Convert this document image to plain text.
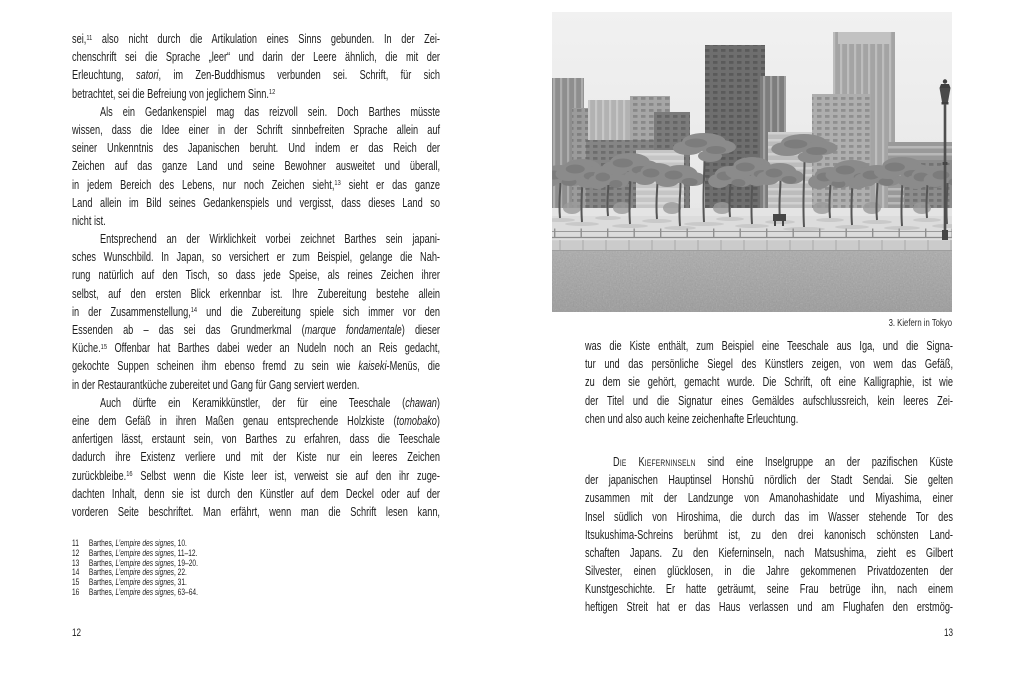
sei,$^{11}$ also nicht durch die Artikulation eines Sinns gebunden. In der Zei-
chenschrift sei die Sprache „leer“ und darin der Leere ähnlich, die mit der
Erleuchtung, satori, im Zen-Buddhismus verbunden sei. Schrift, für sich
betrachtet, sei die Befreiung von jeglichem Sinn.$^{12}$
Als ein Gedankenspiel mag das reizvoll sein. Doch Barthes müsste
wissen, dass die Idee einer in der Schrift sinnbefreiten Sprache allein auf
seiner Unkenntnis des Japanischen beruht. Und indem er das Reich der
Zeichen auf das ganze Land und seine Bewohner ausweitet und überall,
in jedem Bereich des Lebens, nur noch Zeichen sieht,$^{13}$ sieht er das ganze
Land allein im Bild seines Gedankenspiels und vergisst, dass dieses Land so
nicht ist.
Entsprechend an der Wirklichkeit vorbei zeichnet Barthes sein japani-
sches Wunschbild. In Japan, so versichert er zum Beispiel, gelange die Nah-
rung natürlich auf den Tisch, so dass jede Speise, als reines Zeichen ihrer
selbst, auf den ersten Blick erkennbar ist. Ihre Zubereitung bestehe allein
in der Zusammenstellung,$^{14}$ und die Zubereitung spiele sich immer vor den
Essenden ab – das sei das Grundmerkmal (marque fondamentale) dieser
Küche.$^{15}$ Offenbar hat Barthes dabei weder an Nudeln noch an Reis gedacht,
gekochte Suppen scheinen ihm ebenso fremd zu sein wie kaiseki-Menüs, die
in der Restaurantküche zubereitet und Gang für Gang serviert werden.
Auch dürfte ein Keramikkünstler, der für eine Teeschale (chawan)
eine dem Gefäß in ihren Maßen genau entsprechende Holzkiste (tomobako)
anfertigen lässt, erstaunt sein, von Barthes zu erfahren, dass die Teeschale
dadurch ihre Existenz verliere und mit der Kiste nur ein leeres Zeichen
zurückbleibe.$^{16}$ Selbst wenn die Kiste leer ist, verweist sie auf den ihr zuge-
dachten Inhalt, denn sie ist durch den Künstler auf dem Deckel oder auf der
vorderen Seite beschriftet. Man erfährt, wenn man die Schrift lesen kann,
11	Barthes, L’empire des signes, 10.
12	Barthes, L’empire des signes, 11–12.
13	Barthes, L’empire des signes, 19–20.
14	Barthes, L’empire des signes, 22.
15	Barthes, L’empire des signes, 31.
16	Barthes, L’empire des signes, 63–64.
12
3. Kiefern in Tokyo
was die Kiste enthält, zum Beispiel eine Teeschale aus Iga, und die Signa-
tur und das persönliche Siegel des Künstlers zeigen, von wem das Gefäß,
zu dem sie gehört, gemacht wurde. Die Schrift, oft eine Kalligraphie, ist wie
der Titel und die Signatur eines Gemäldes aufschlussreich, kein leeres Zei-
chen und also auch keine zeichenhafte Erleuchtung.
Die Kieferninseln sind eine Inselgruppe an der pazifischen Küste
der japanischen Hauptinsel Honshū nördlich der Stadt Sendai. Sie gelten
zusammen mit der Landzunge von Amanohashidate und Miyashima, einer
Insel südlich von Hiroshima, die durch das im Wasser stehende Tor des
Itsukushima-Schreins berühmt ist, zu den drei kanonisch schönsten Land-
schaften Japans. Zu den Kieferninseln, nach Matsushima, zieht es Gilbert
Silvester, einen glücklosen, in die Jahre gekommenen Privatdozenten der
Kunstgeschichte. Er hatte geträumt, seine Frau betrüge ihn, nach einem
heftigen Streit hat er das Haus verlassen und am Flughafen den erstmög-
13
